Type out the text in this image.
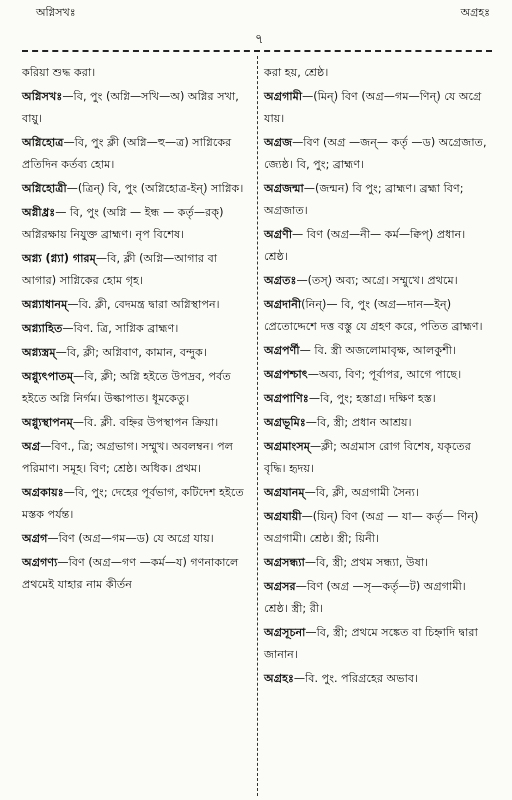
অগ্নিসখঃ	অগ্রহঃ
৭
করিয়া শুদ্ধ করা।
অগ্নিসখঃ—বি, পুং (অগ্নি—সখি—অ) অগ্নির সখা, বায়ু।
অগ্নিহোত্র—বি, পুং ক্লী (অগ্নি—হু—ত্র) সাগ্নিকের প্রতিদিন কর্তব্য হোম।
অগ্নিহোত্রী—(ত্রিন্) বি, পুং (অগ্নিহোত্র-ইন্) সাগ্নিক।
অগ্নীধ্রঃ— বি, পুং (অগ্নি — ইন্ধ — কর্তৃ—রক্) অগ্নিরক্ষায় নিযুক্ত ব্রাহ্মণ। নৃপ বিশেষ।
অগ্ন্য (গ্ন্যা) গারম্—বি, ক্লী (অগ্নি—আগার বা আগার) সাগ্নিকের হোম গৃহ।
অগ্ন্যাধানম্—বি. ক্লী, বেদমন্ত্র দ্বারা অগ্নিস্থাপন।
অগ্ন্যাহিত—বিণ. ত্রি, সাগ্নিক ব্রাহ্মণ।
অগ্ন্যস্ত্রম্—বি, ক্লী; অগ্নিবাণ, কামান, বন্দুক।
অগ্ন্যুৎপাতম্—বি, ক্লী; অগ্নি হইতে উপদ্রব, পর্বত হইতে অগ্নি নির্গম। উল্কাপাত। ধূমকেতু।
অগ্ন্যুস্থাপনম্—বি. ক্লী. বহ্নির উপস্থাপন ক্রিয়া।
অগ্র—বিণ., ত্রি; অগ্রভাগ। সম্মুখ। অবলম্বন। পল পরিমাণ। সমূহ। বিণ; শ্রেষ্ঠ। অধিক। প্রথম।
অগ্রকায়ঃ—বি, পুং; দেহের পূর্বভাগ, কটিদেশ হইতে মস্তক পর্যন্ত।
অগ্রগ—বিণ (অগ্র—গম—ড) যে অগ্রে যায়।
অগ্রগণ্য—বিণ (অগ্র—গণ —কর্ম—য) গণনাকালে প্রথমেই যাহার নাম কীর্তন
করা হয়, শ্রেষ্ঠ।
অগ্রগামী—(মিন্) বিণ (অগ্র—গম—ণিন্) যে অগ্রে যায়।
অগ্রজ—বিণ (অগ্র —জন্— কর্তৃ —ড) অগ্রেজাত, জ্যেষ্ঠ। বি, পুং; ব্রাহ্মণ।
অগ্রজন্মা—(জন্মন) বি পুং; ব্রাহ্মণ। ব্রহ্মা বিণ; অগ্রজাত।
অগ্রণী— বিণ (অগ্র—নী— কর্ম—ক্বিপ্) প্রধান। শ্রেষ্ঠ।
অগ্রতঃ—(তস্) অব্য; অগ্রে। সম্মুখে। প্রথমে।
অগ্রদানী(নিন্)— বি, পুং (অগ্র—দান—ইন্) প্রেতোদ্দেশে দত্ত বস্তু যে গ্রহণ করে, পতিত ব্রাহ্মণ।
অগ্রপর্ণী— বি. স্ত্রী অজলোমাবৃক্ষ, আলকুশী।
অগ্রপশ্চাৎ—অব্য, বিণ; পূর্বাপর, আগে পাছে।
অগ্রপাণিঃ—বি, পুং; হস্তাগ্র। দক্ষিণ হস্ত।
অগ্রভূমিঃ—বি, স্ত্রী; প্রধান আশ্রয়।
অগ্রমাংসম্—ক্লী; অগ্রমাস রোগ বিশেষ, যকৃতের বৃদ্ধি। হৃদয়।
অগ্রযানম্—বি, ক্লী, অগ্রগামী সৈন্য।
অগ্রযায়ী—(য়িন্) বিণ (অগ্র — যা— কর্তৃ— ণিন্) অগ্রগামী। শ্রেষ্ঠ। স্ত্রী; য়িনী।
অগ্রসন্ধ্যা—বি, স্ত্রী; প্রথম সন্ধ্যা, উষা।
অগ্রসর—বিণ (অগ্র —সৃ—কর্তৃ—ট) অগ্রগামী। শ্রেষ্ঠ। স্ত্রী; রী।
অগ্রসূচনা—বি, স্ত্রী; প্রথমে সঙ্কেত বা চিহ্নাদি দ্বারা জানান।
অগ্রহঃ—বি. পুং. পরিগ্রহের অভাব।
